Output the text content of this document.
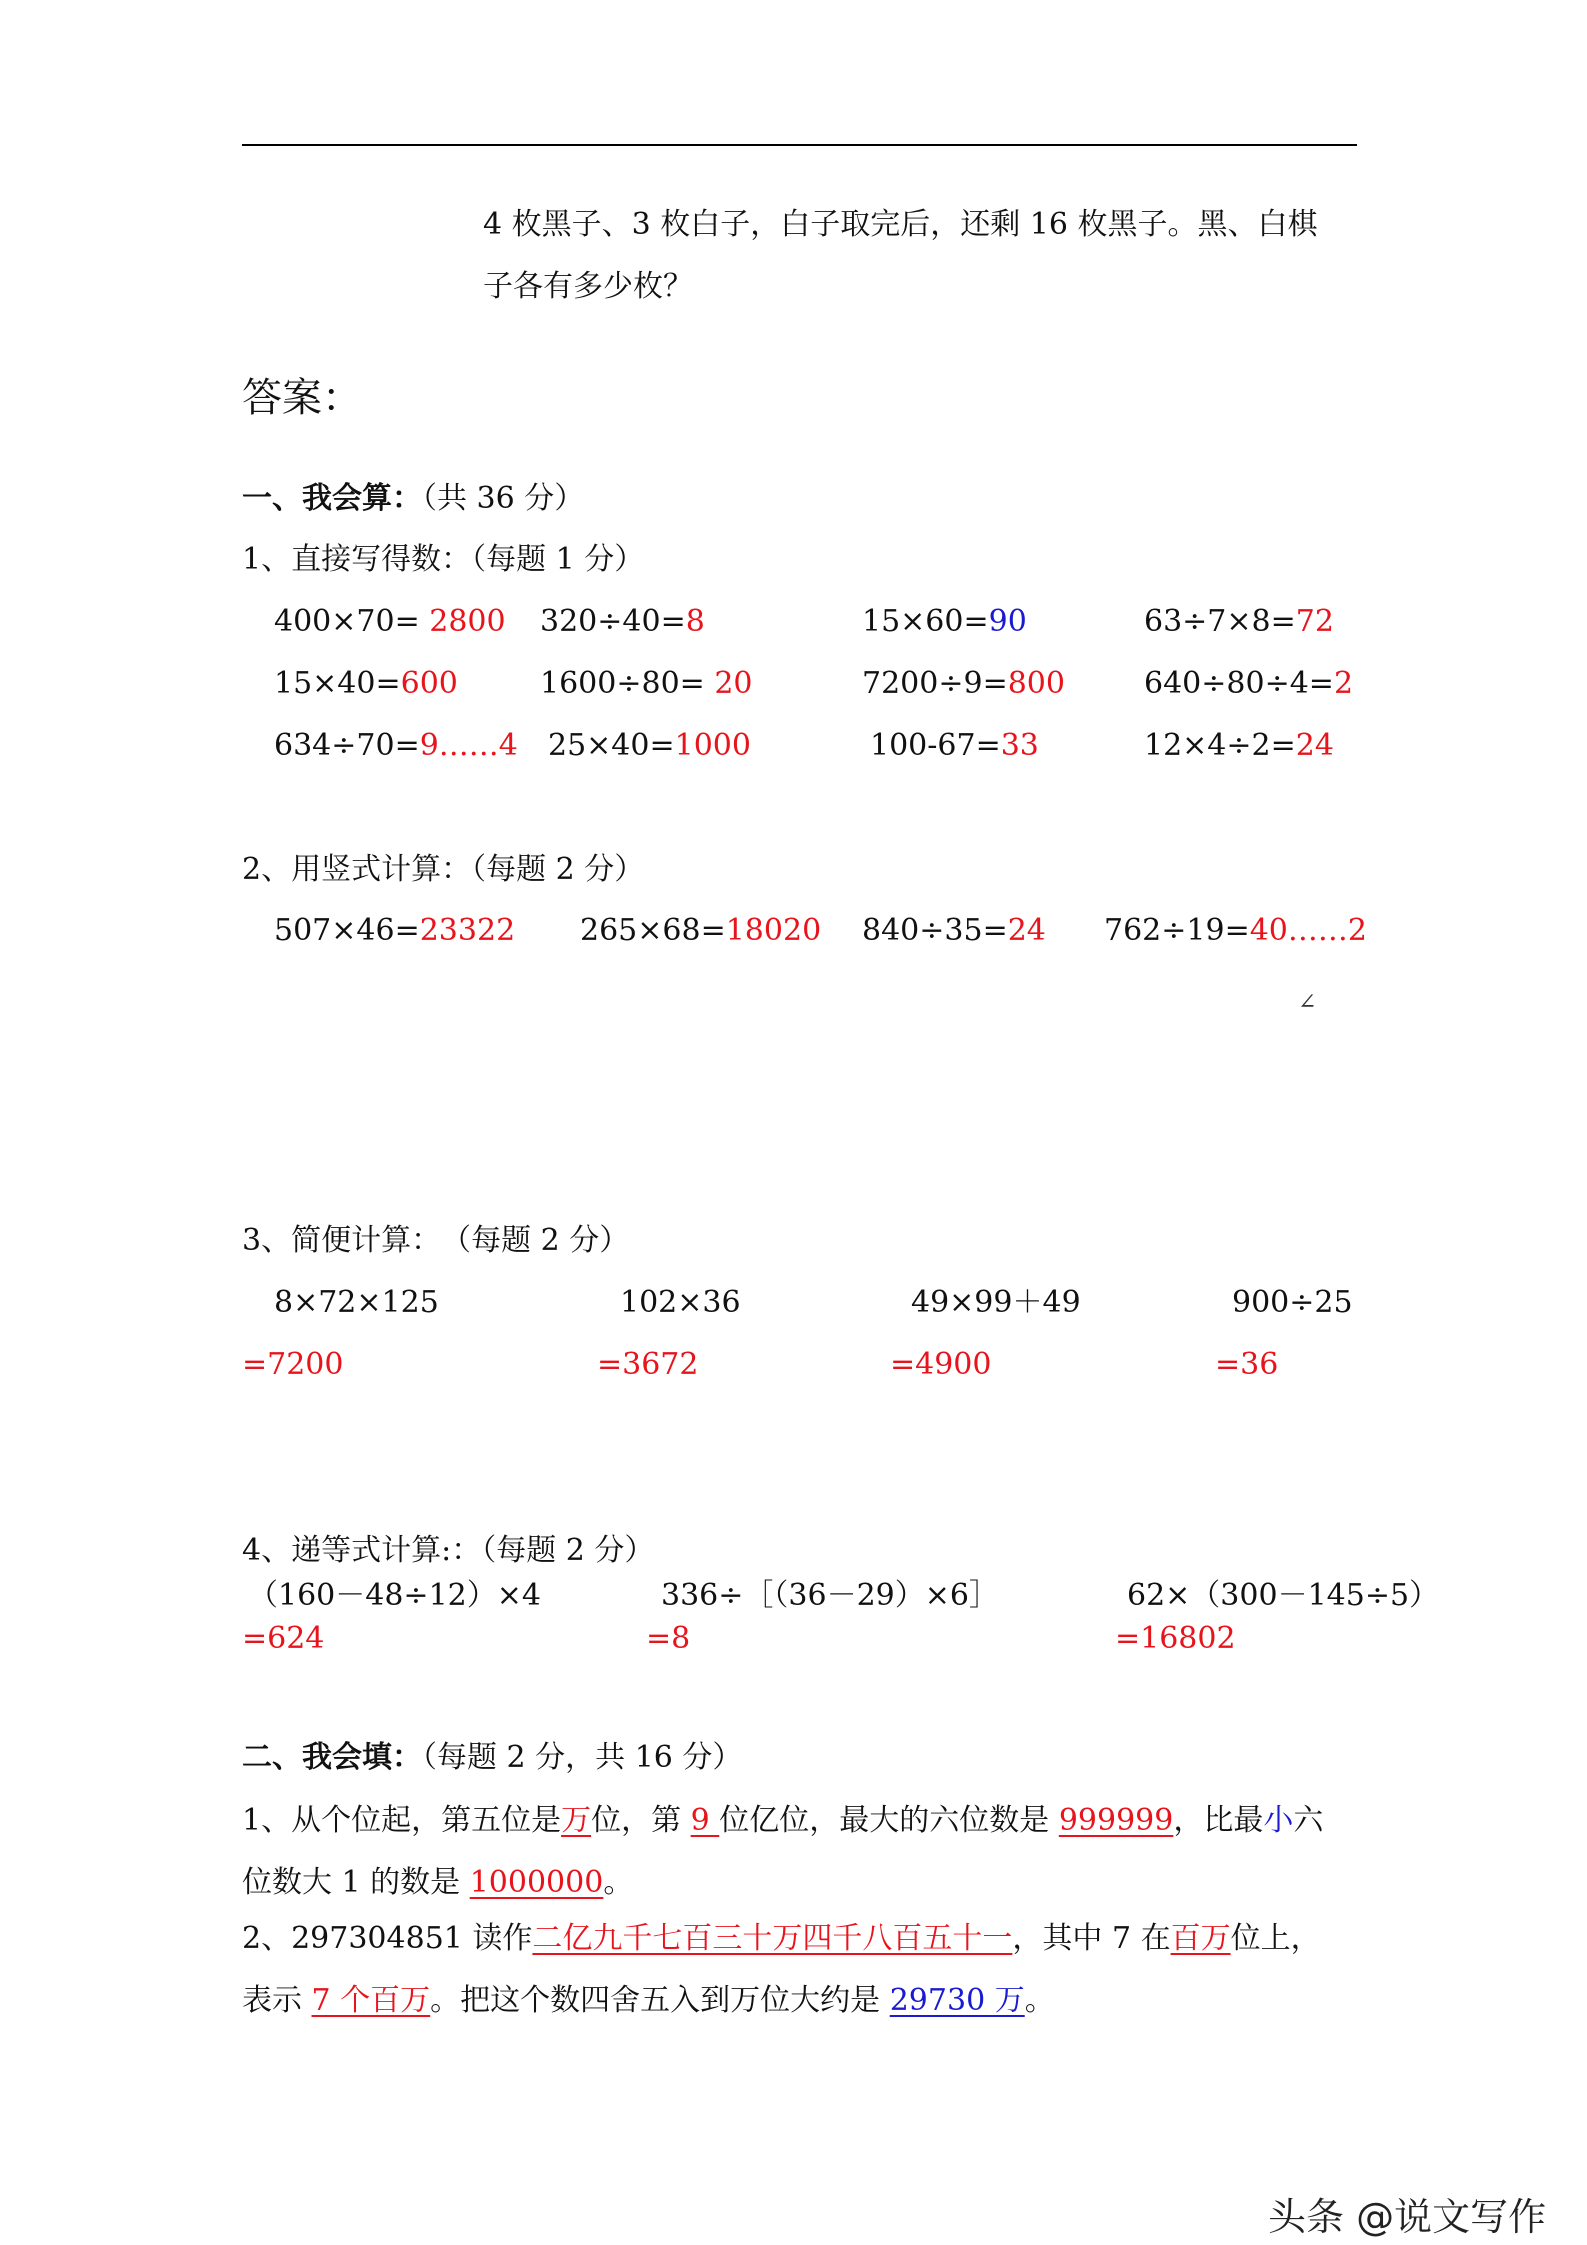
4 枚黑子、3 枚白子，白子取完后，还剩 16 枚黑子。黑、白棋
子各有多少枚？
答案：
一、我会算：（共 36 分）
1、直接写得数：（每题 1 分）
2、用竖式计算：（每题 2 分）
∠
3、简便计算：　（每题 2 分）
4、递等式计算:：（每题 2 分）
二、我会填：（每题 2 分，共 16 分）
1、从个位起，第五位是万位，第 9 位亿位，最大的六位数是 999999，比最小六
位数大 1 的数是 1000000。
2、297304851 读作二亿九千七百三十万四千八百五十一，其中 7 在百万位上，
表示 7 个百万。把这个数四舍五入到万位大约是 29730 万。
头条 @说文写作
400×70= 2800 320÷40=8	15×60=90	63÷7×8=72
15×40=600	1600÷80= 20	7200÷9=800	640÷80÷4=2
634÷70=9……4 25×40=1000	100-67=33	12×4÷2=24
507×46=23322 265×68=18020 840÷35=24 762÷19=40……2
8×72×125	102×36	49×99＋49	900÷25
=7200	=3672	=4900	=36
（160－48÷12）×4	336÷［（36－29）×6］	62×（300－145÷5）
=624	=8	=16802
